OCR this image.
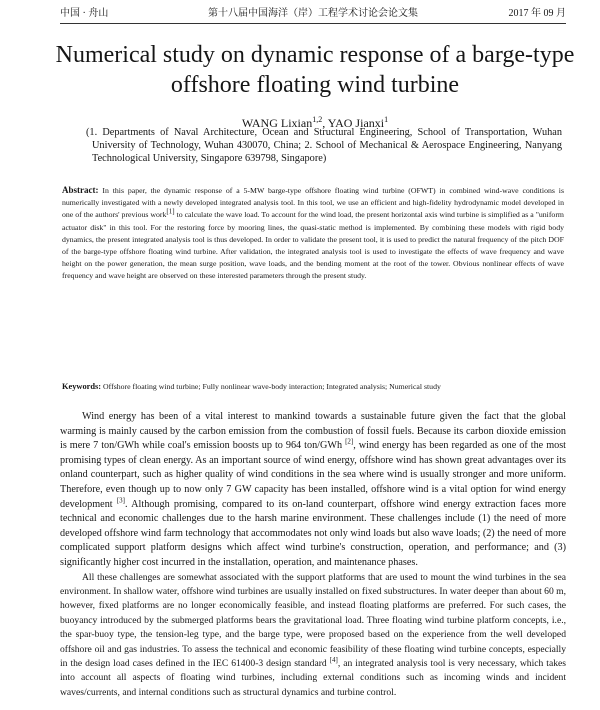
中国 · 舟山	第十八届中国海洋（岸）工程学术讨论会论文集	2017 年 09 月
Numerical study on dynamic response of a barge-type offshore floating wind turbine
WANG Lixian$^{1,2}$, YAO Jianxi$^1$
(1. Departments of Naval Architecture, Ocean and Structural Engineering, School of Transportation, Wuhan University of Technology, Wuhan 430070, China; 2. School of Mechanical & Aerospace Engineering, Nanyang Technological University, Singapore 639798, Singapore)
Abstract: In this paper, the dynamic response of a 5-MW barge-type offshore floating wind turbine (OFWT) in combined wind-wave conditions is numerically investigated with a newly developed integrated analysis tool. In this tool, we use an efficient and high-fidelity hydrodynamic model developed in one of the authors' previous work[1] to calculate the wave load. To account for the wind load, the present horizontal axis wind turbine is simplified as a "uniform actuator disk" in this tool. For the restoring force by mooring lines, the quasi-static method is implemented. By combining these models with rigid body dynamics, the present integrated analysis tool is thus developed. In order to validate the present tool, it is used to predict the natural frequency of the pitch DOF of the barge-type offshore floating wind turbine. After validation, the integrated analysis tool is used to investigate the effects of wave frequency and wave height on the power generation, the mean surge position, wave loads, and the bending moment at the root of the tower. Obvious nonlinear effects of wave frequency and wave height are observed on these interested parameters through the present study.
Keywords: Offshore floating wind turbine; Fully nonlinear wave-body interaction; Integrated analysis; Numerical study

Wind energy has been of a vital interest to mankind towards a sustainable future given the fact that the global warming is mainly caused by the carbon emission from the combustion of fossil fuels. Because its carbon dioxide emission is mere 7 ton/GWh while coal's emission boosts up to 964 ton/GWh [2], wind energy has been regarded as one of the most promising types of clean energy. As an important source of wind energy, offshore wind has shown great advantages over its onland counterpart, such as higher quality of wind conditions in the sea where wind is usually stronger and more uniform. Therefore, even though up to now only 7 GW capacity has been installed, offshore wind is a vital option for wind energy development [3]. Although promising, compared to its on-land counterpart, offshore wind energy extraction faces more technical and economic challenges due to the harsh marine environment. These challenges include (1) the need of more developed offshore wind farm technology that accommodates not only wind loads but also wave loads; (2) the need of more complicated support platform designs which affect wind turbine's construction, operation, and performance; and (3) significantly higher cost incurred in the installation, operation, and maintenance phases.

All these challenges are somewhat associated with the support platforms that are used to mount the wind turbines in the sea environment. In shallow water, offshore wind turbines are usually installed on fixed substructures. In water deeper than about 60 m, however, fixed platforms are no longer economically feasible, and instead floating platforms are preferred. For such cases, the buoyancy introduced by the submerged platforms bears the gravitational load. Three floating wind turbine platform concepts, i.e., the spar-buoy type, the tension-leg type, and the barge type, were proposed based on the experience from the well developed offshore oil and gas industries. To assess the technical and economic feasibility of these floating wind turbine concepts, especially in the design load cases defined in the IEC 61400-3 design standard [4], an integrated analysis tool is very necessary, which takes into account all aspects of floating wind turbines, including external conditions such as incoming winds and incident waves/currents, and internal conditions such as structural dynamics and turbine control.
